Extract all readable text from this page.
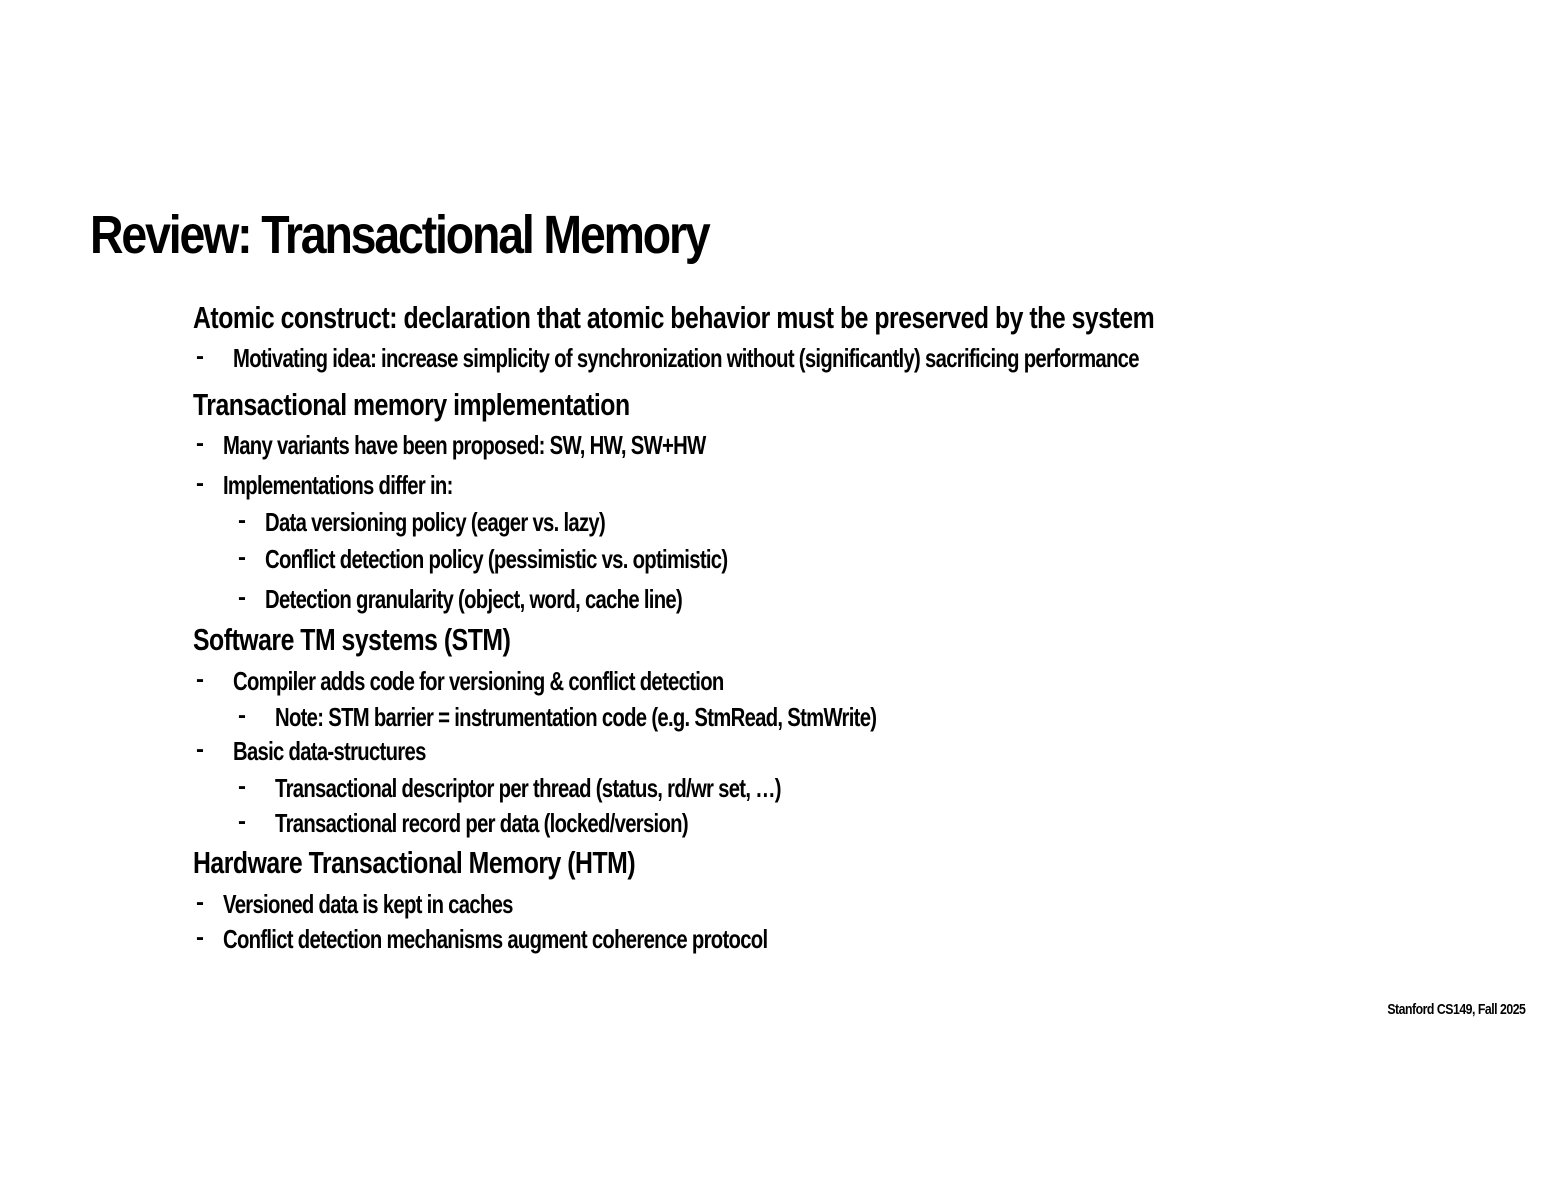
Review: Transactional Memory
Atomic construct: declaration that atomic behavior must be preserved by the system
- Motivating idea: increase simplicity of synchronization without (significantly) sacrificing performance
Transactional memory implementation
- Many variants have been proposed: SW, HW, SW+HW
- Implementations differ in:
- Data versioning policy (eager vs. lazy)
- Conflict detection policy (pessimistic vs. optimistic)
- Detection granularity (object, word, cache line)
Software TM systems (STM)
- Compiler adds code for versioning & conflict detection
- Note: STM barrier = instrumentation code (e.g. StmRead, StmWrite)
- Basic data-structures
- Transactional descriptor per thread (status, rd/wr set, …)
- Transactional record per data (locked/version)
Hardware Transactional Memory (HTM)
- Versioned data is kept in caches
- Conflict detection mechanisms augment coherence protocol
Stanford CS149, Fall 2025
